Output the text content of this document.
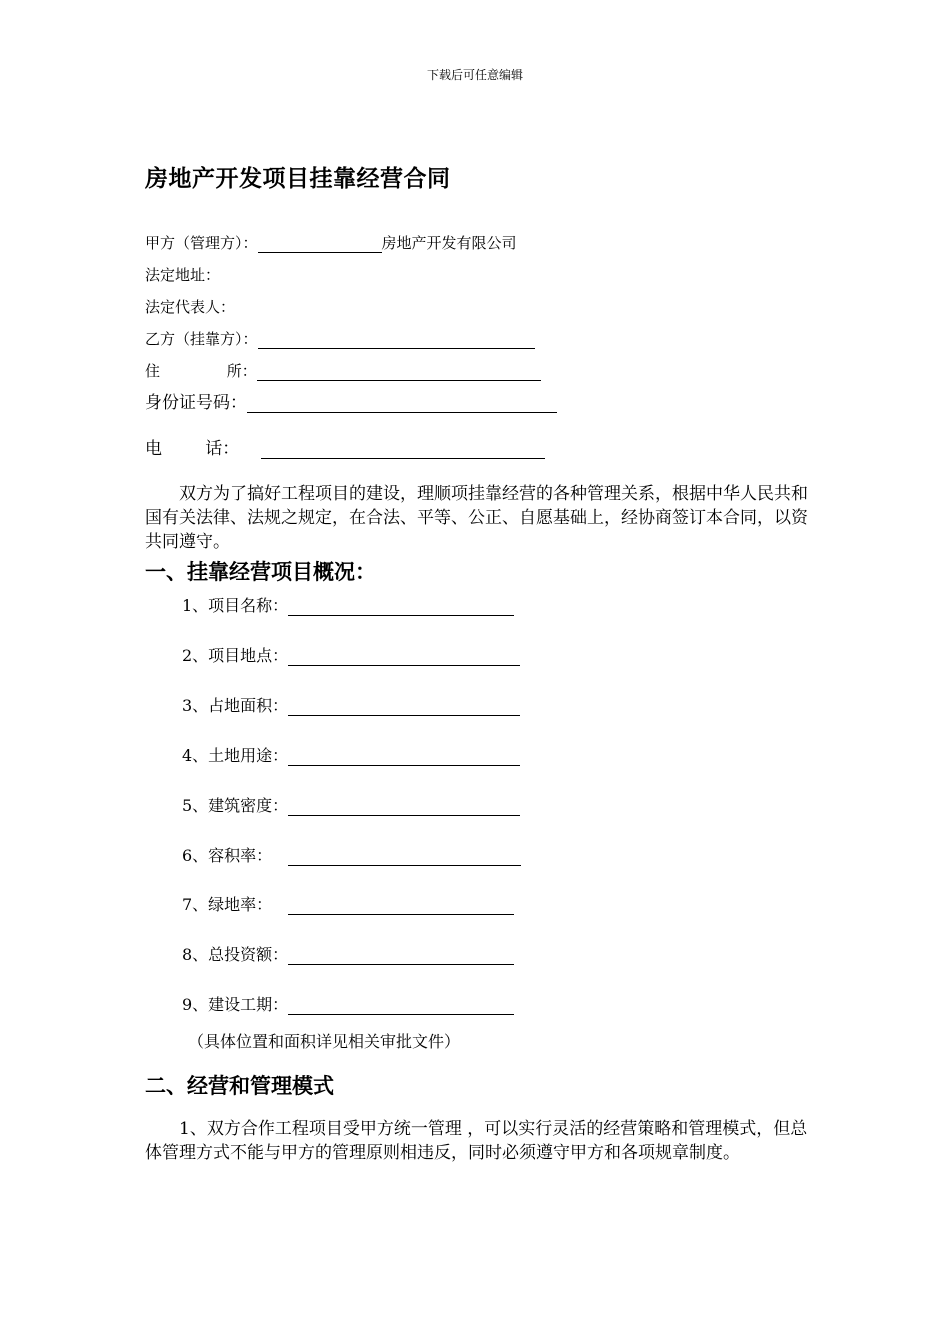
下载后可任意编辑
房地产开发项目挂靠经营合同
甲方（管理方）：	房地产开发有限公司
法定地址：
法定代表人：
乙方（挂靠方）：
住              所：
身份证号码：
电        话：

双方为了搞好工程项目的建设，理顺项挂靠经营的各种管理关系，根据中华人民共和国有关法律、法规之规定，在合法、平等、公正、自愿基础上，经协商签订本合同，以资共同遵守。

一、挂靠经营项目概况：
1、项目名称：
2、项目地点：
3、占地面积：
4、土地用途：
5、建筑密度：
6、容积率：
7、绿地率：
8、总投资额：
9、建设工期：
（具体位置和面积详见相关审批文件）
二、经营和管理模式

1、双方合作工程项目受甲方统一管理 ，可以实行灵活的经营策略和管理模式，但总体管理方式不能与甲方的管理原则相违反，同时必须遵守甲方和各项规章制度。
